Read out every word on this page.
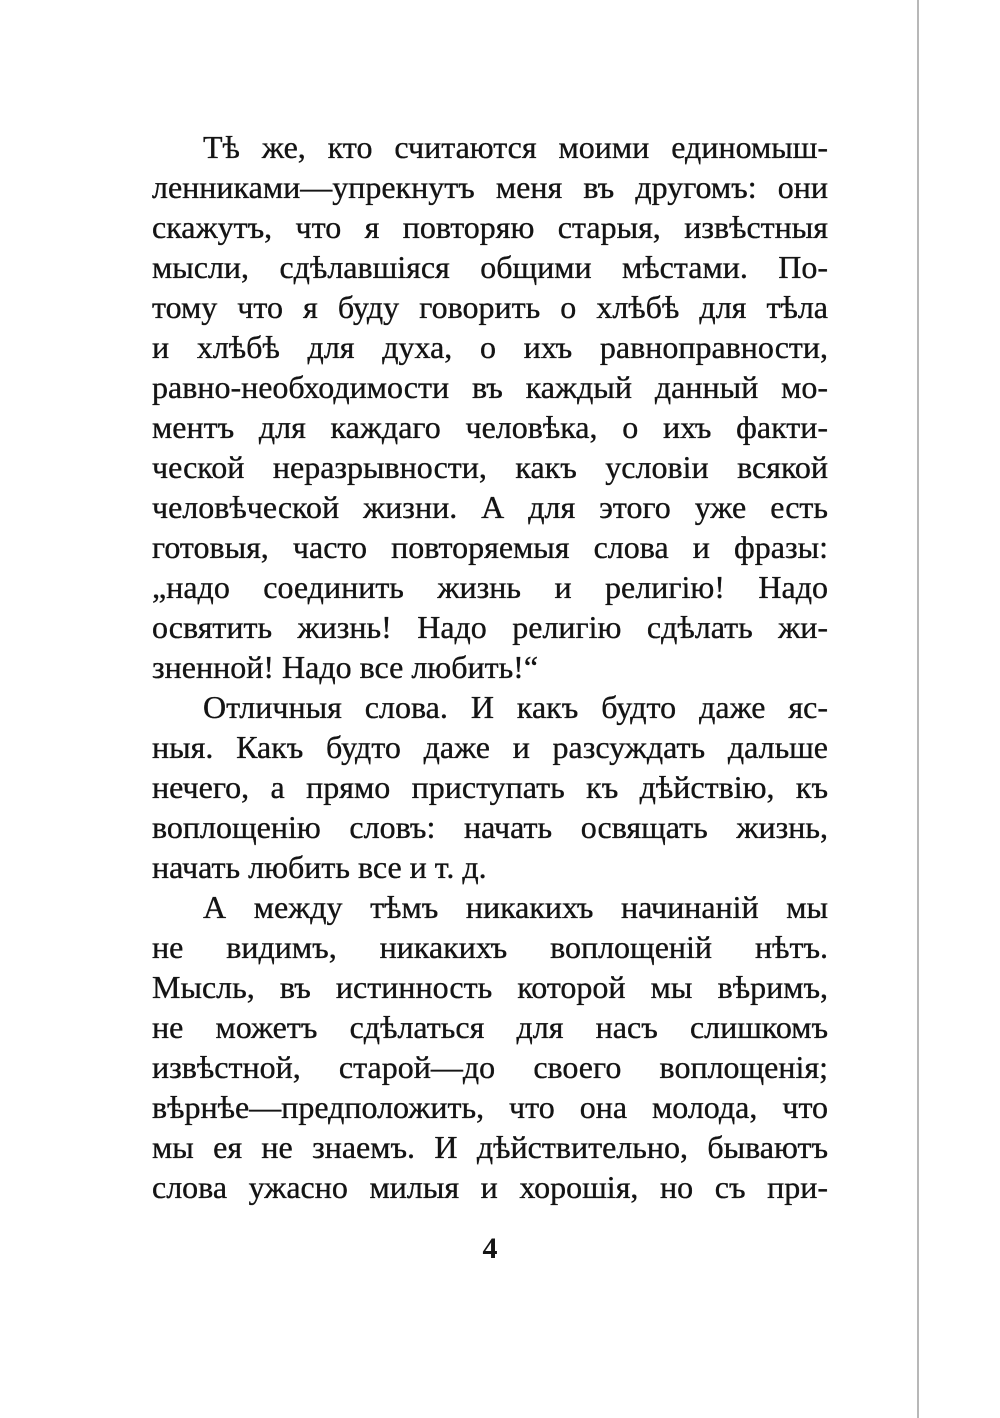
Тѣ же, кто считаются моими единомыш-
ленниками—упрекнутъ меня въ другомъ: они
скажутъ, что я повторяю старыя, извѣстныя
мысли, сдѣлавшіяся общими мѣстами. По-
тому что я буду говорить о хлѣбѣ для тѣла
и хлѣбѣ для духа, о ихъ равноправности,
равно-необходимости въ каждый данный мо-
ментъ для каждаго человѣка, о ихъ факти-
ческой неразрывности, какъ условіи всякой
человѣческой жизни. А для этого уже есть
готовыя, часто повторяемыя слова и фразы:
„надо соединить жизнь и религію! Надо
освятить жизнь! Надо религію сдѣлать жи-
зненной! Надо все любить!“
Отличныя слова. И какъ будто даже яс-
ныя. Какъ будто даже и разсуждать дальше
нечего, а прямо приступать къ дѣйствію, къ
воплощенію словъ: начать освящать жизнь,
начать любить все и т. д.
А между тѣмъ никакихъ начинаній мы
не видимъ, никакихъ воплощеній нѣтъ.
Мысль, въ истинность которой мы вѣримъ,
не можетъ сдѣлаться для насъ слишкомъ
извѣстной, старой—до своего воплощенія;
вѣрнѣе—предположить, что она молода, что
мы ея не знаемъ. И дѣйствительно, бываютъ
слова ужасно милыя и хорошія, но съ при-
4
